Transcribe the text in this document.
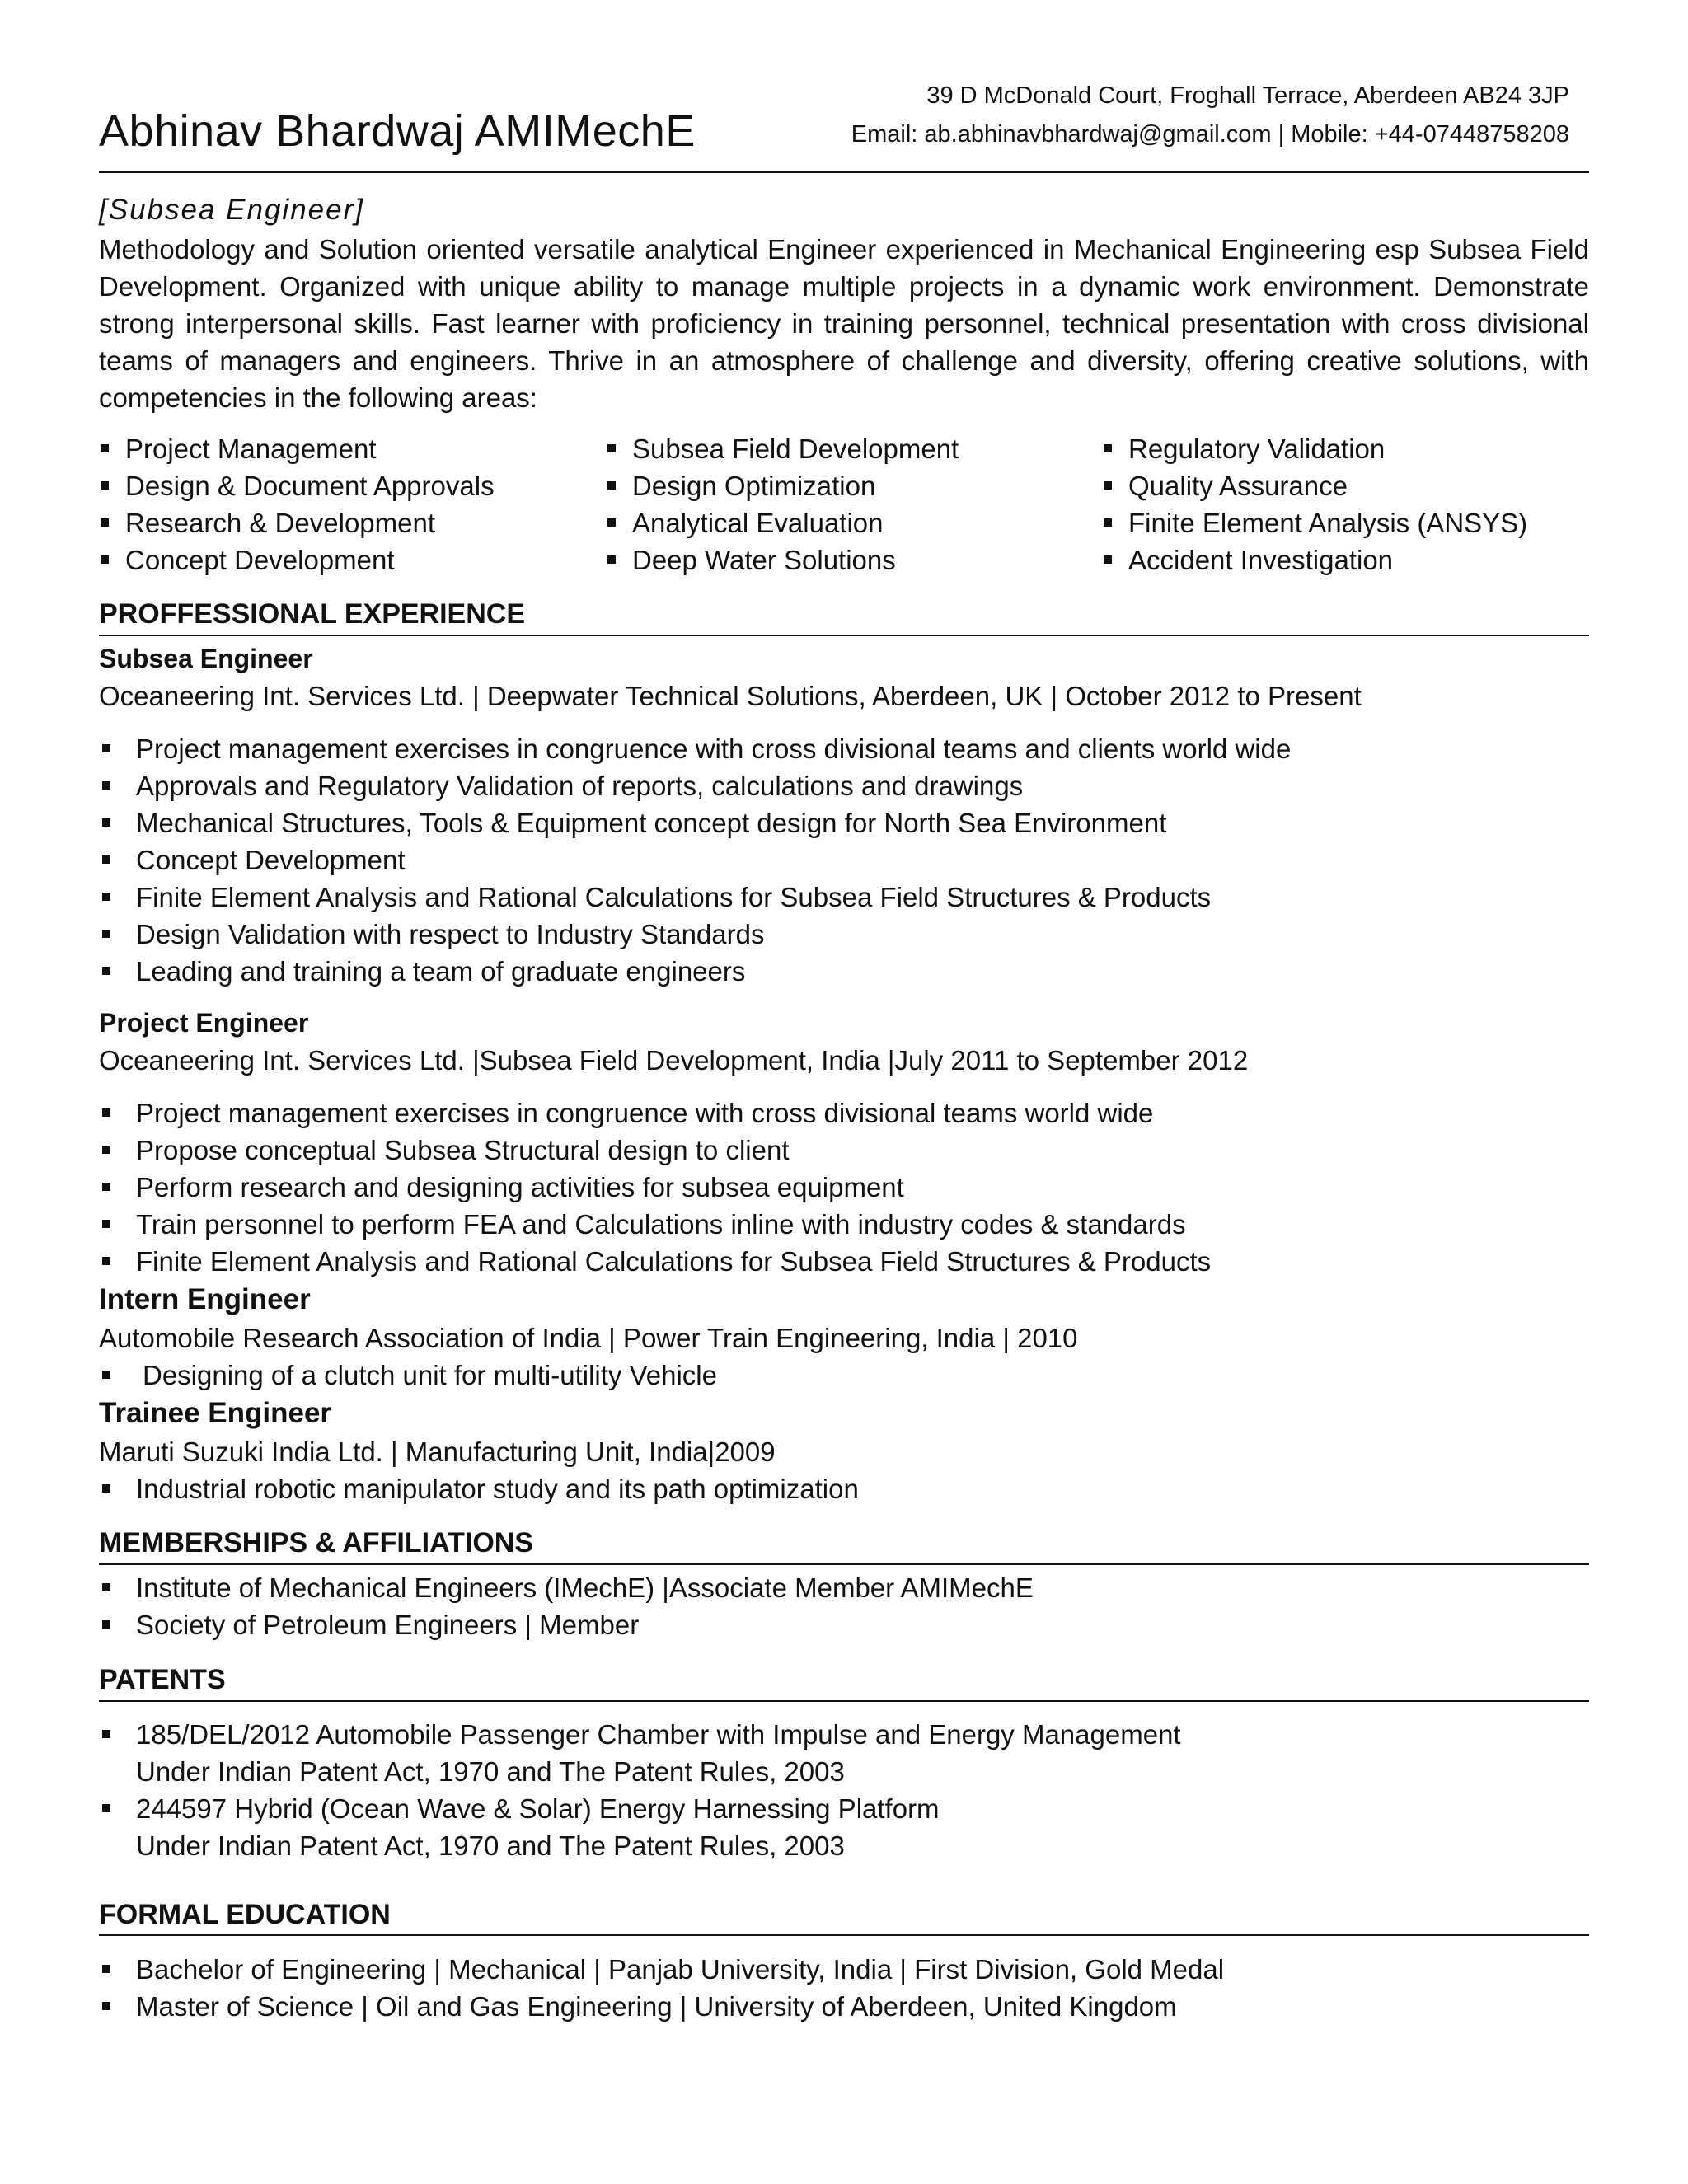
Abhinav Bhardwaj AMIMechE
39 D McDonald Court, Froghall Terrace, Aberdeen AB24 3JP
Email: ab.abhinavbhardwaj@gmail.com | Mobile: +44-07448758208
[Subsea Engineer]
Methodology and Solution oriented versatile analytical Engineer experienced in Mechanical Engineering esp Subsea Field Development. Organized with unique ability to manage multiple projects in a dynamic work environment. Demonstrate strong interpersonal skills. Fast learner with proficiency in training personnel, technical presentation with cross divisional teams of managers and engineers. Thrive in an atmosphere of challenge and diversity, offering creative solutions, with competencies in the following areas:
Project Management
Design & Document Approvals
Research & Development
Concept Development
Subsea Field Development
Design Optimization
Analytical Evaluation
Deep Water Solutions
Regulatory Validation
Quality Assurance
Finite Element Analysis (ANSYS)
Accident Investigation
PROFFESSIONAL EXPERIENCE
Subsea Engineer
Oceaneering Int. Services Ltd. | Deepwater Technical Solutions, Aberdeen, UK | October 2012 to Present
Project management exercises in congruence with cross divisional teams and clients world wide
Approvals and Regulatory Validation of reports, calculations and drawings
Mechanical Structures, Tools & Equipment concept design for North Sea Environment
Concept Development
Finite Element Analysis and Rational Calculations for Subsea Field Structures & Products
Design Validation with respect to Industry Standards
Leading and training a team of graduate engineers
Project Engineer
Oceaneering Int. Services Ltd. |Subsea Field Development, India |July 2011 to September 2012
Project management exercises in congruence with cross divisional teams world wide
Propose conceptual Subsea Structural design to client
Perform research and designing activities for subsea equipment
Train personnel to perform FEA and Calculations inline with industry codes & standards
Finite Element Analysis and Rational Calculations for Subsea Field Structures & Products
Intern Engineer
Automobile Research Association of India | Power Train Engineering, India | 2010
Designing of a clutch unit for multi-utility Vehicle
Trainee Engineer
Maruti Suzuki India Ltd. | Manufacturing Unit, India|2009
Industrial robotic manipulator study and its path optimization
MEMBERSHIPS & AFFILIATIONS
Institute of Mechanical Engineers (IMechE) |Associate Member AMIMechE
Society of Petroleum Engineers | Member
PATENTS
185/DEL/2012 Automobile Passenger Chamber with Impulse and Energy Management
Under Indian Patent Act, 1970 and The Patent Rules, 2003
244597 Hybrid (Ocean Wave & Solar) Energy Harnessing Platform
Under Indian Patent Act, 1970 and The Patent Rules, 2003
FORMAL EDUCATION
Bachelor of Engineering | Mechanical | Panjab University, India | First Division, Gold Medal
Master of Science | Oil and Gas Engineering | University of Aberdeen, United Kingdom
